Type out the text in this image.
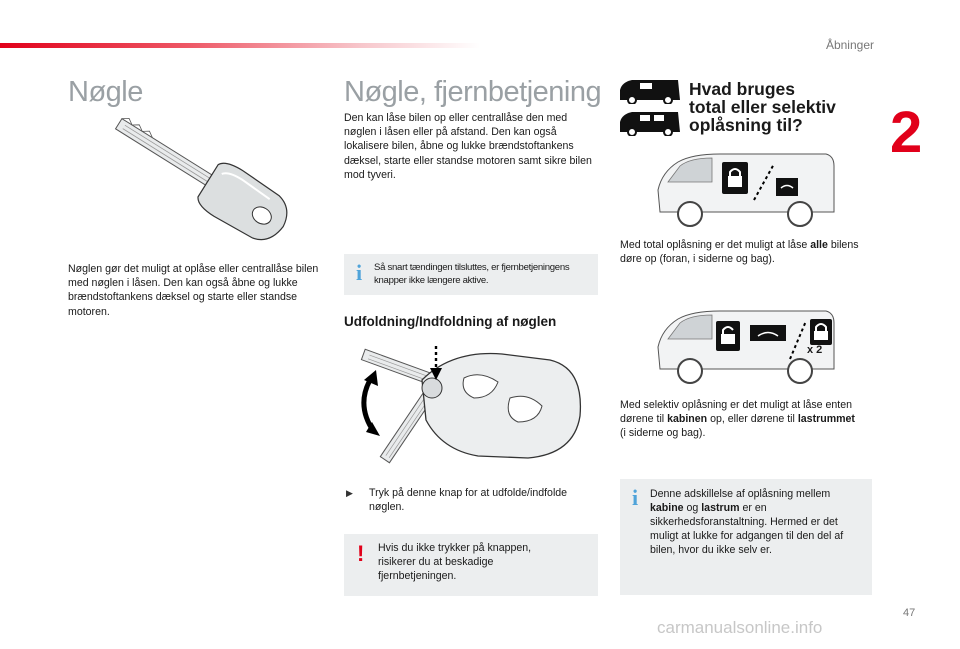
Åbninger
2
Nøgle
Nøglen gør det muligt at oplåse eller centrallåse bilen med nøglen i låsen. Den kan også åbne og lukke brændstoftankens dæksel og starte eller standse motoren.
Nøgle, fjernbetjening
Den kan låse bilen op eller centrallåse den med nøglen i låsen eller på afstand. Den kan også lokalisere bilen, åbne og lukke brændstoftankens dæksel, starte eller standse motoren samt sikre bilen mod tyveri.
i Så snart tændingen tilsluttes, er fjernbetjeningens knapper ikke længere aktive.

Udfoldning/Indfoldning af nøglen
▶ Tryk på denne knap for at udfolde/indfolde nøglen.
! Hvis du ikke trykker på knappen, risikerer du at beskadige fjernbetjeningen.

Hvad bruges
total eller selektiv
oplåsning til?
Med total oplåsning er det muligt at låse alle bilens døre op (foran, i siderne og bag).
x 2
Med selektiv oplåsning er det muligt at låse enten dørene til kabinen op, eller dørene til lastrummet (i siderne og bag).
i Denne adskillelse af oplåsning mellem kabine og lastrum er en sikkerhedsforanstaltning. Hermed er det muligt at lukke for adgangen til den del af bilen, hvor du ikke selv er.

47
carmanualsonline.info
